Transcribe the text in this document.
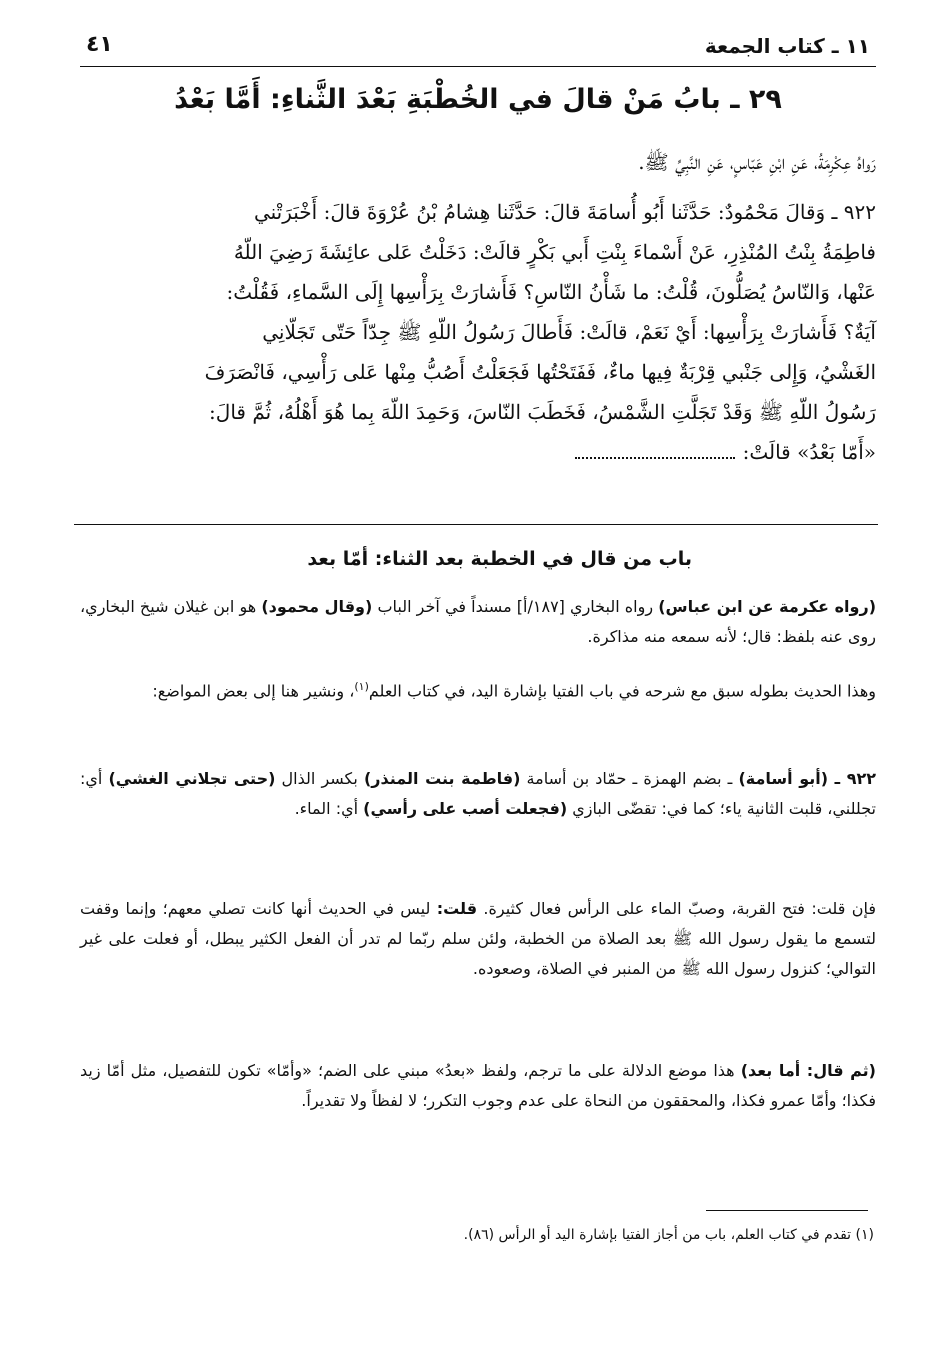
١١ ـ كتاب الجمعة
٤١
٢٩ ـ بابُ مَنْ قالَ في الخُطْبَةِ بَعْدَ الثَّناءِ: أَمَّا بَعْدُ
رَواهُ عِكْرِمَةُ، عَنِ ابْنِ عَبّاسٍ، عَنِ النَّبِيِّ ﷺ.
٩٢٢ ـ وَقالَ مَحْمُودٌ: حَدَّثَنا أَبُو أُسامَةَ قالَ: حَدَّثَنا هِشامُ بْنُ عُرْوَةَ قالَ: أَخْبَرَتْني
فاطِمَةُ بِنْتُ المُنْذِرِ، عَنْ أَسْماءَ بِنْتِ أَبي بَكْرٍ قالَتْ: دَخَلْتُ عَلى عائِشَةَ رَضِيَ اللّهُ
عَنْها، وَالنّاسُ يُصَلُّونَ، قُلْتُ: ما شَأْنُ النّاسِ؟ فَأَشارَتْ بِرَأْسِها إِلَى السَّماءِ، فَقُلْتُ:
آيَةٌ؟ فَأَشارَتْ بِرَأْسِها: أَيْ نَعَمْ، قالَتْ: فَأَطالَ رَسُولُ اللّهِ ﷺ جِدّاً حَتّى تَجَلّانِي
الغَشْيُ، وَإِلى جَنْبي قِرْبَةٌ فِيها ماءٌ، فَفَتَحْتُها فَجَعَلْتُ أَصُبُّ مِنْها عَلى رَأْسِي، فَانْصَرَفَ
رَسُولُ اللّهِ ﷺ وَقَدْ تَجَلَّتِ الشَّمْسُ، فَخَطَبَ النّاسَ، وَحَمِدَ اللّهَ بِما هُوَ أَهْلُهُ، ثُمَّ قالَ:
«أَمّا بَعْدُ» قالَتْ:
باب من قال في الخطبة بعد الثناء: أمّا بعد
(رواه عكرمة عن ابن عباس) رواه البخاري [١٨٧/أ] مسنداً في آخر الباب (وقال محمود) هو ابن غيلان شيخ البخاري، روى عنه بلفظ: قال؛ لأنه سمعه منه مذاكرة.
وهذا الحديث بطوله سبق مع شرحه في باب الفتيا بإشارة اليد، في كتاب العلم$^{(١)}$، ونشير هنا إلى بعض المواضع:
٩٢٢ ـ (أبو أسامة) ـ بضم الهمزة ـ حمّاد بن أسامة (فاطمة بنت المنذر) بكسر الذال (حتى تجلاني الغشي) أي: تجللني، قلبت الثانية ياء؛ كما في: تقضّى البازي (فجعلت أصب على رأسي) أي: الماء.
فإن قلت: فتح القربة، وصبّ الماء على الرأس فعال كثيرة. قلت: ليس في الحديث أنها كانت تصلي معهم؛ وإنما وقفت لتسمع ما يقول رسول الله ﷺ بعد الصلاة من الخطبة، ولئن سلم ربّما لم تدر أن الفعل الكثير يبطل، أو فعلت على غير التوالي؛ كنزول رسول الله ﷺ من المنبر في الصلاة، وصعوده.
(ثم قال: أما بعد) هذا موضع الدلالة على ما ترجم، ولفظ «بعدُ» مبني على الضم؛ «وأمّا» تكون للتفصيل، مثل أمّا زيد فكذا؛ وأمّا عمرو فكذا، والمحققون من النحاة على عدم وجوب التكرر؛ لا لفظاً ولا تقديراً.
(١) تقدم في كتاب العلم، باب من أجاز الفتيا بإشارة اليد أو الرأس (٨٦).
